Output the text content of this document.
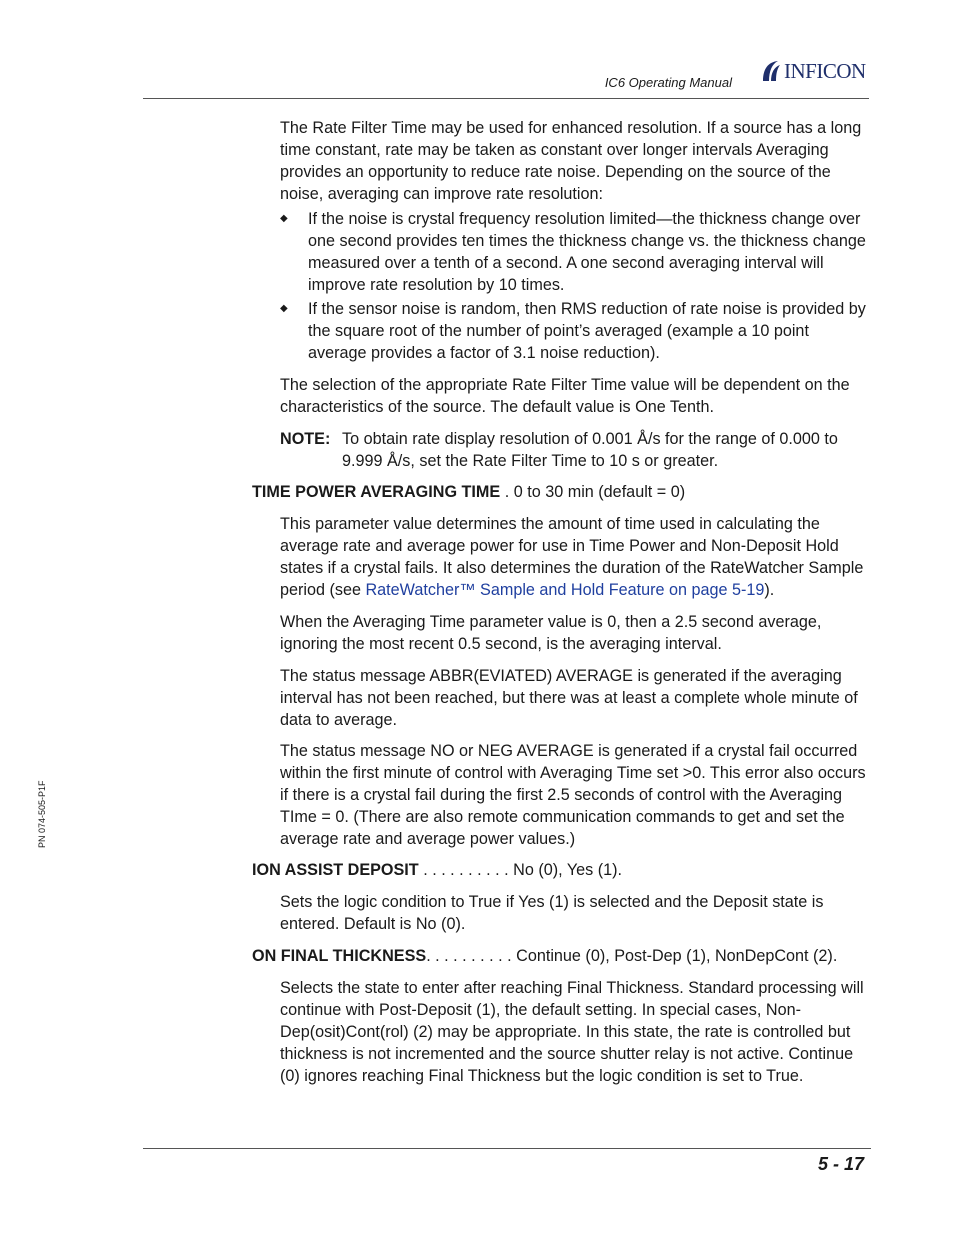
IC6 Operating Manual INFICON
PN 074-505-P1F
The Rate Filter Time may be used for enhanced resolution. If a source has a long time constant, rate may be taken as constant over longer intervals Averaging provides an opportunity to reduce rate noise. Depending on the source of the noise, averaging can improve rate resolution:
◆ If the noise is crystal frequency resolution limited—the thickness change over one second provides ten times the thickness change vs. the thickness change measured over a tenth of a second. A one second averaging interval will improve rate resolution by 10 times.
◆ If the sensor noise is random, then RMS reduction of rate noise is provided by the square root of the number of point’s averaged (example a 10 point average provides a factor of 3.1 noise reduction).
The selection of the appropriate Rate Filter Time value will be dependent on the characteristics of the source. The default value is One Tenth.
NOTE: To obtain rate display resolution of 0.001 Å/s for the range of 0.000 to 9.999 Å/s, set the Rate Filter Time to 10 s or greater.
TIME POWER AVERAGING TIME . 0 to 30 min (default = 0)
This parameter value determines the amount of time used in calculating the average rate and average power for use in Time Power and Non-Deposit Hold states if a crystal fails. It also determines the duration of the RateWatcher Sample period (see RateWatcher™ Sample and Hold Feature on page 5-19).
When the Averaging Time parameter value is 0, then a 2.5 second average, ignoring the most recent 0.5 second, is the averaging interval.
The status message ABBR(EVIATED) AVERAGE is generated if the averaging interval has not been reached, but there was at least a complete whole minute of data to average.
The status message NO or NEG AVERAGE is generated if a crystal fail occurred within the first minute of control with Averaging Time set >0. This error also occurs if there is a crystal fail during the first 2.5 seconds of control with the Averaging TIme = 0. (There are also remote communication commands to get and set the average rate and average power values.)
ION ASSIST DEPOSIT . . . . . . . . . . No (0), Yes (1).
Sets the logic condition to True if Yes (1) is selected and the Deposit state is entered. Default is No (0).
ON FINAL THICKNESS. . . . . . . . . . Continue (0), Post-Dep (1), NonDepCont (2).
Selects the state to enter after reaching Final Thickness. Standard processing will continue with Post-Deposit (1), the default setting. In special cases, Non-Dep(osit)Cont(rol) (2) may be appropriate. In this state, the rate is controlled but thickness is not incremented and the source shutter relay is not active. Continue (0) ignores reaching Final Thickness but the logic condition is set to True.
5 - 17
